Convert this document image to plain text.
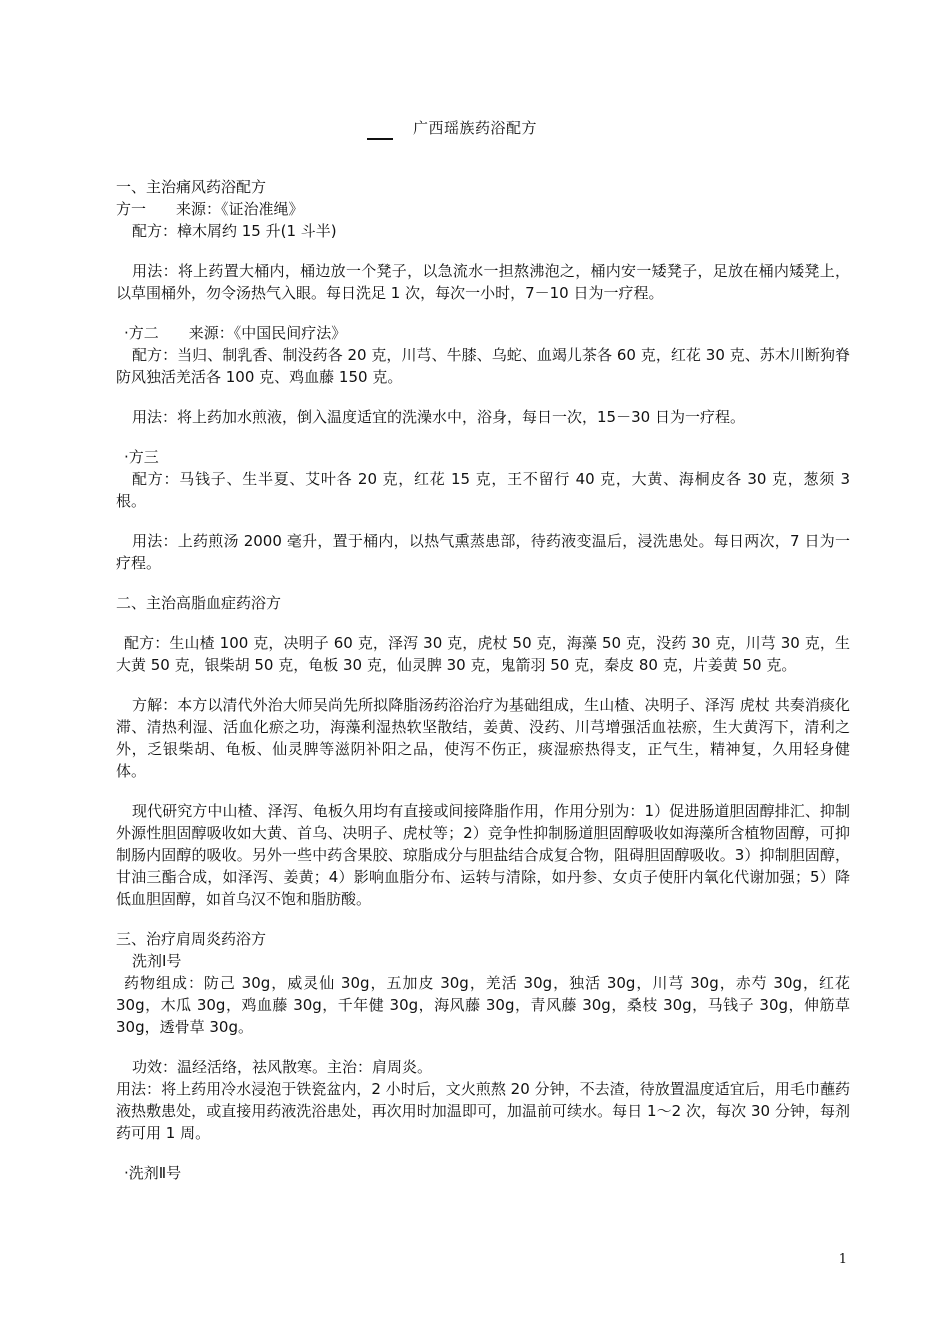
广西瑶族药浴配方

一、主治痛风药浴配方

方一　　来源：《证治准绳》

配方：樟木屑约 15 升(1 斗半)

用法：将上药置大桶内，桶边放一个凳子，以急流水一担熬沸泡之，桶内安一矮凳子，足放在桶内矮凳上，以草围桶外，勿令汤热气入眼。每日洗足 1 次，每次一小时，7－10 日为一疗程。

·方二　　来源：《中国民间疗法》

配方：当归、制乳香、制没药各 20 克，川芎、牛膝、乌蛇、血竭儿茶各 60 克，红花 30 克、苏木川断狗脊防风独活羌活各 100 克、鸡血藤 150 克。

用法：将上药加水煎液，倒入温度适宜的洗澡水中，浴身，每日一次，15－30 日为一疗程。

·方三

配方：马钱子、生半夏、艾叶各 20 克，红花 15 克，王不留行 40 克，大黄、海桐皮各 30 克，葱须 3 根。

用法：上药煎汤 2000 毫升，置于桶内，以热气熏蒸患部，待药液变温后，浸洗患处。每日两次，7 日为一疗程。

二、主治高脂血症药浴方

配方：生山楂 100 克，决明子 60 克，泽泻 30 克，虎杖 50 克，海藻 50 克，没药 30 克，川芎 30 克，生大黄 50 克，银柴胡 50 克，龟板 30 克，仙灵脾 30 克，鬼箭羽 50 克，秦皮 80 克，片姜黄 50 克。

方解：本方以清代外治大师吴尚先所拟降脂汤药浴治疗为基础组成，生山楂、决明子、泽泻 虎杖 共奏消痰化滞、清热利湿、活血化瘀之功，海藻利湿热软坚散结，姜黄、没药、川芎增强活血祛瘀，生大黄泻下，清利之外，乏银柴胡、龟板、仙灵脾等滋阴补阳之品，使泻不伤正，痰湿瘀热得支，正气生，精神复，久用轻身健体。

现代研究方中山楂、泽泻、龟板久用均有直接或间接降脂作用，作用分别为：1）促进肠道胆固醇排汇、抑制外源性胆固醇吸收如大黄、首乌、决明子、虎杖等；2）竞争性抑制肠道胆固醇吸收如海藻所含植物固醇，可抑制肠内固醇的吸收。另外一些中药含果胶、琼脂成分与胆盐结合成复合物，阻碍胆固醇吸收。3）抑制胆固醇，甘油三酯合成，如泽泻、姜黄；4）影响血脂分布、运转与清除，如丹参、女贞子使肝内氧化代谢加强；5）降低血胆固醇，如首乌汉不饱和脂肪酸。

三、治疗肩周炎药浴方

洗剂Ⅰ号

药物组成：防己 30g，威灵仙 30g，五加皮 30g，羌活 30g，独活 30g，川芎 30g，赤芍 30g，红花 30g，木瓜 30g，鸡血藤 30g，千年健 30g，海风藤 30g，青风藤 30g，桑枝 30g，马钱子 30g，伸筋草 30g，透骨草 30g。

功效：温经活络，祛风散寒。主治：肩周炎。

用法：将上药用冷水浸泡于铁瓷盆内，2 小时后，文火煎熬 20 分钟，不去渣，待放置温度适宜后，用毛巾蘸药液热敷患处，或直接用药液洗浴患处，再次用时加温即可，加温前可续水。每日 1～2 次，每次 30 分钟，每剂药可用 1 周。

·洗剂Ⅱ号

1
